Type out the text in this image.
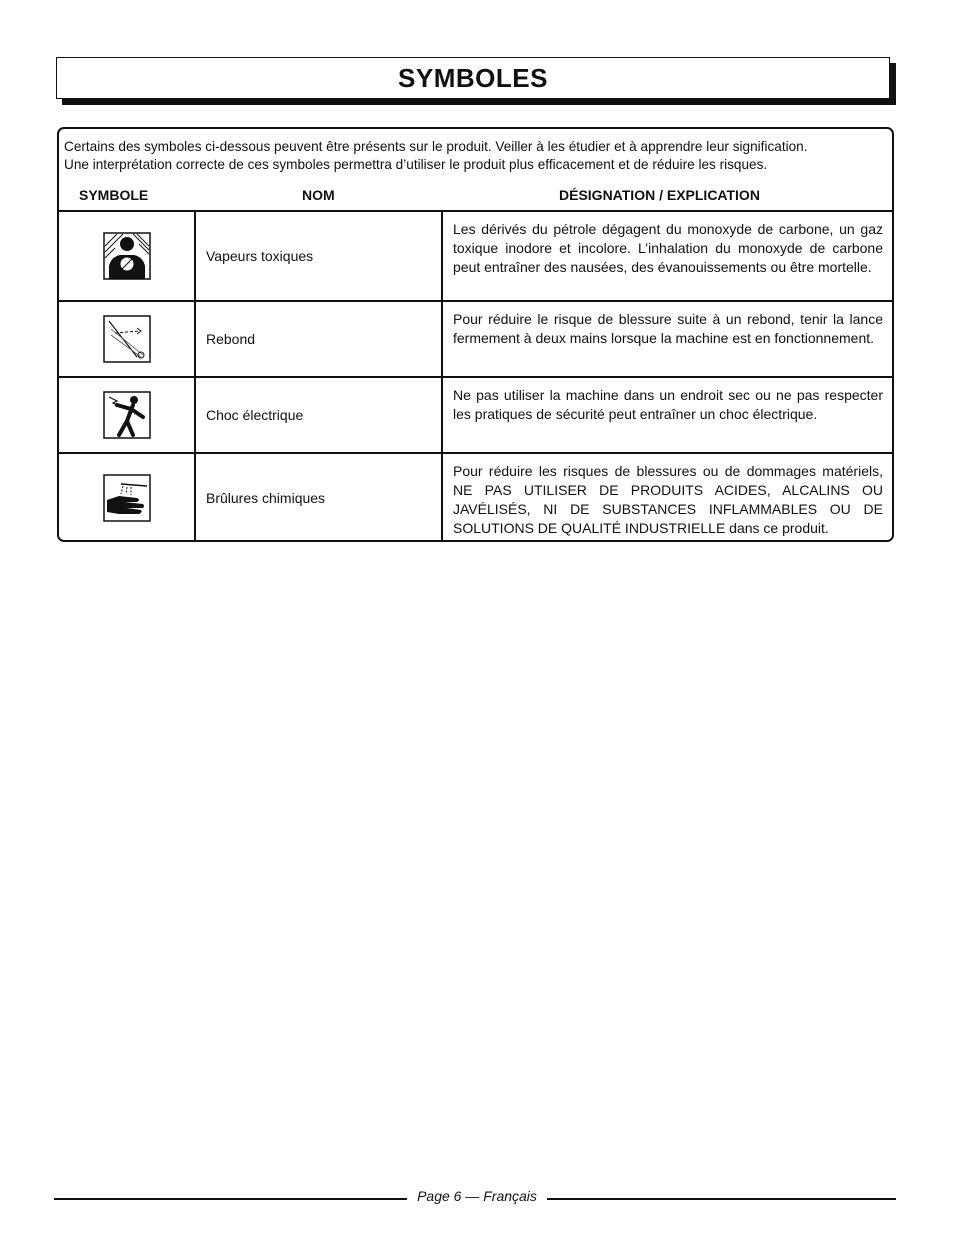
SYMBOLES

Certains des symboles ci-dessous peuvent être présents sur le produit. Veiller à les étudier et à apprendre leur signification.

Une interprétation correcte de ces symboles permettra d’utiliser le produit plus efficacement et de réduire les risques.

SYMBOLE	NOM	DÉSIGNATION / EXPLICATION
Vapeurs toxiques
Les dérivés du pétrole dégagent du monoxyde de carbone, un gaz toxique inodore et incolore. L’inhalation du monoxyde de carbone peut entraîner des nausées, des évanouissements ou être mortelle.
Rebond
Pour réduire le risque de blessure suite à un rebond, tenir la lance fermement à deux mains lorsque la machine est en fonctionnement.
Choc électrique
Ne pas utiliser la machine dans un endroit sec ou ne pas respecter les pratiques de sécurité peut entraîner un choc électrique.
Brûlures chimiques
Pour réduire les risques de blessures ou de dommages matériels, NE PAS UTILISER DE PRODUITS ACIDES, ALCALINS OU JAVÉLISÉS, NI DE SUBSTANCES INFLAMMABLES OU DE SOLUTIONS DE QUALITÉ INDUSTRIELLE dans ce produit.
Page 6 — Français
